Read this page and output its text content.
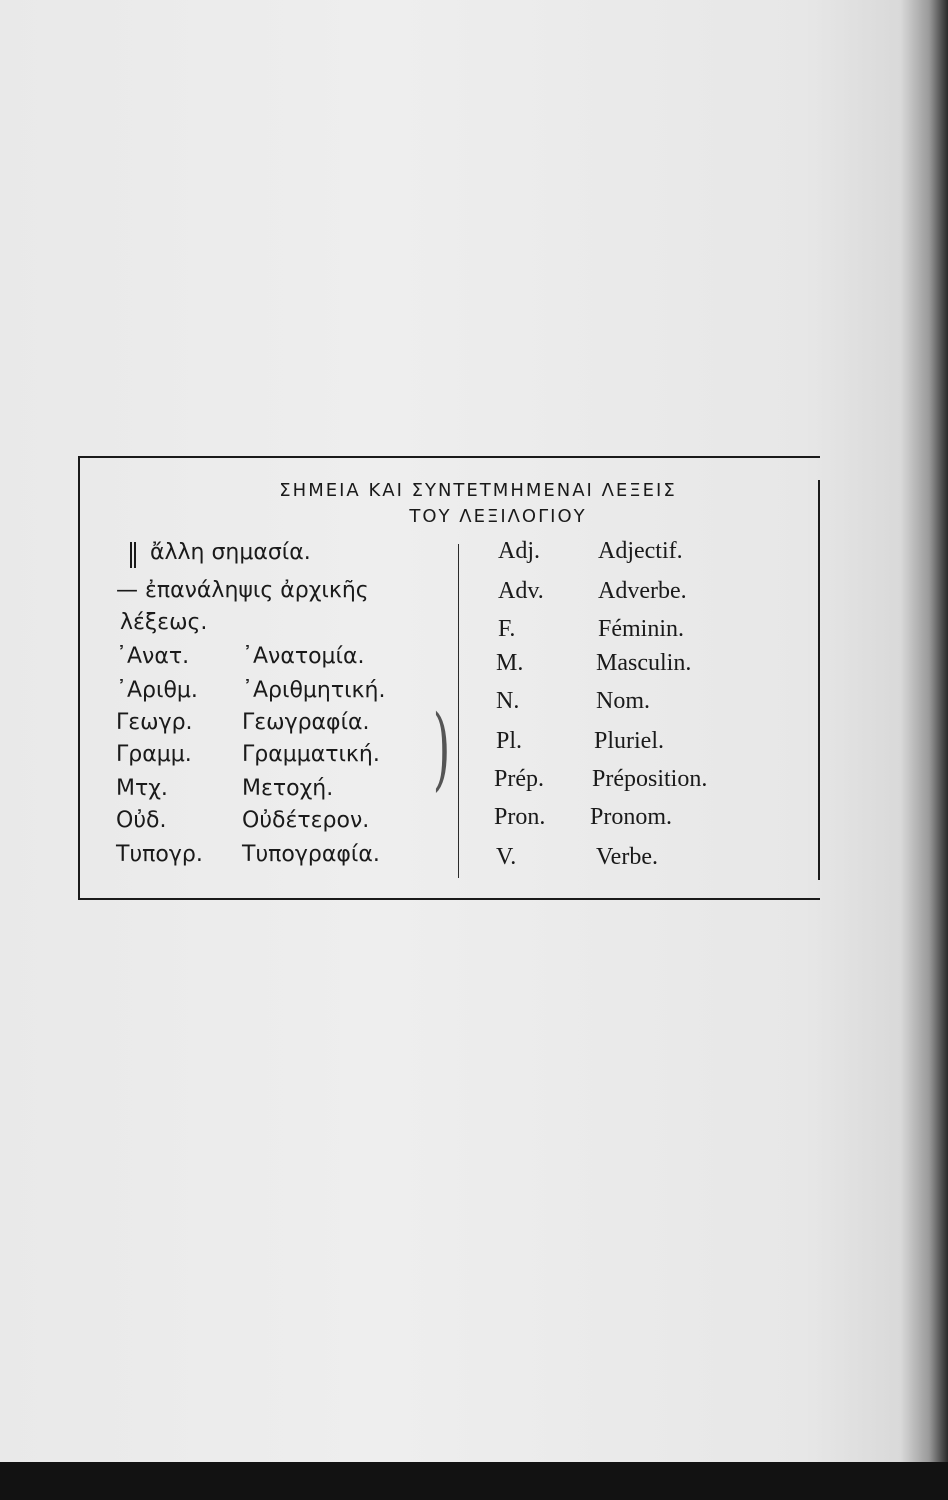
ΣΗΜΕΙΑ ΚΑΙ ΣΥΝΤΕΤΜΗΜΕΝΑΙ ΛΕΞΕΙΣ
ΤΟΥ ΛΕΞΙΛΟΓΙΟΥ
)
ἄλλη σημασία.
— ἐπανάληψις ἀρχικῆς
λέξεως.
᾿Ανατ. ᾿Ανατομία.
᾿Αριθμ. ᾿Αριθμητική.
Γεωγρ. Γεωγραφία.
Γραμμ. Γραμματική.
Μτχ.	Μετοχή.
Οὐδ.	Οὐδέτερον.
Τυπογρ. Τυπογραφία.
Adj. Adjectif.
Adv. Adverbe.
F.	Féminin.
M.	Masculin.
N.	Nom.
Pl.	Pluriel.
Prép. Préposition.
Pron. Pronom.
V.	Verbe.
